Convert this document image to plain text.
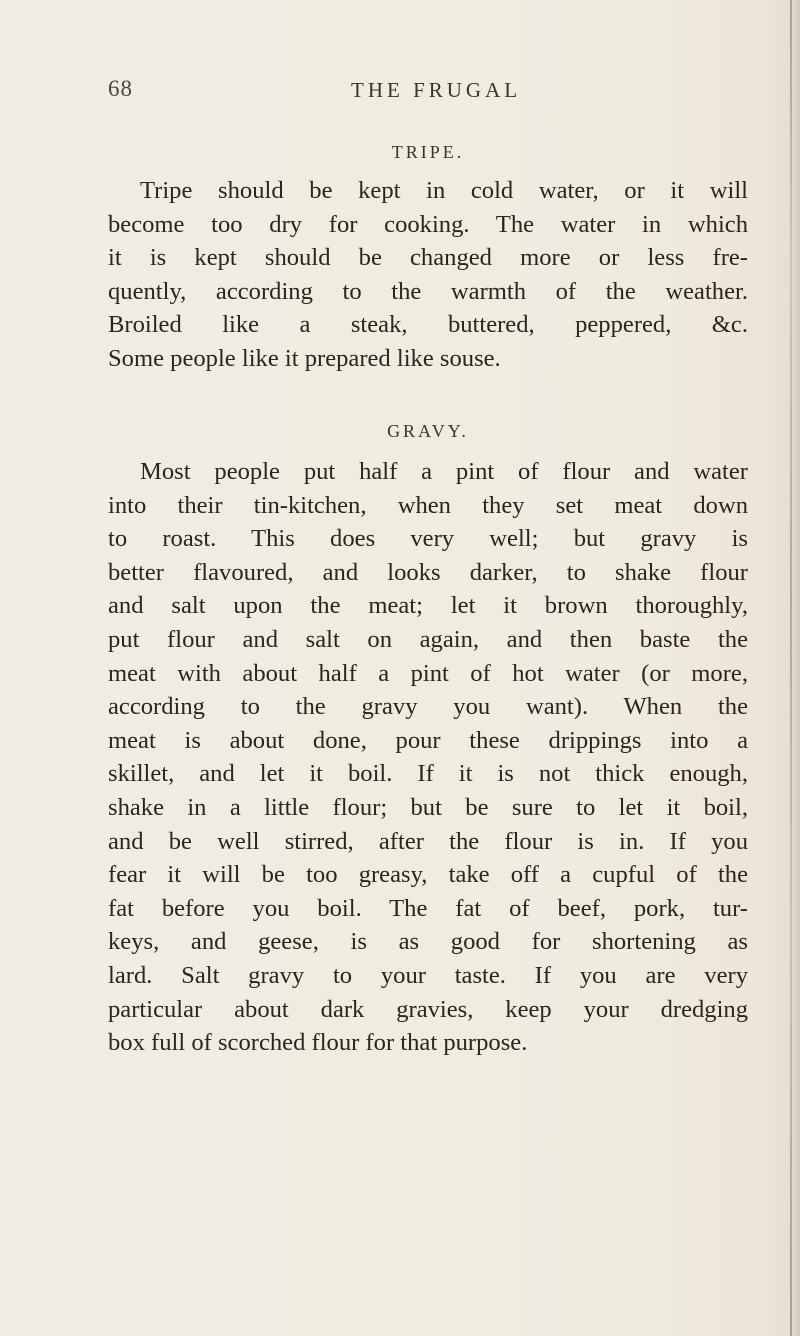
68	THE FRUGAL
TRIPE.
Tripe should be kept in cold water, or it will
become too dry for cooking. The water in which
it is kept should be changed more or less fre-
quently, according to the warmth of the weather.
Broiled like a steak, buttered, peppered, &c.
Some people like it prepared like souse.
GRAVY.
Most people put half a pint of flour and water
into their tin-kitchen, when they set meat down
to roast. This does very well; but gravy is
better flavoured, and looks darker, to shake flour
and salt upon the meat; let it brown thoroughly,
put flour and salt on again, and then baste the
meat with about half a pint of hot water (or more,
according to the gravy you want). When the
meat is about done, pour these drippings into a
skillet, and let it boil. If it is not thick enough,
shake in a little flour; but be sure to let it boil,
and be well stirred, after the flour is in. If you
fear it will be too greasy, take off a cupful of the
fat before you boil. The fat of beef, pork, tur-
keys, and geese, is as good for shortening as
lard. Salt gravy to your taste. If you are very
particular about dark gravies, keep your dredging
box full of scorched flour for that purpose.
